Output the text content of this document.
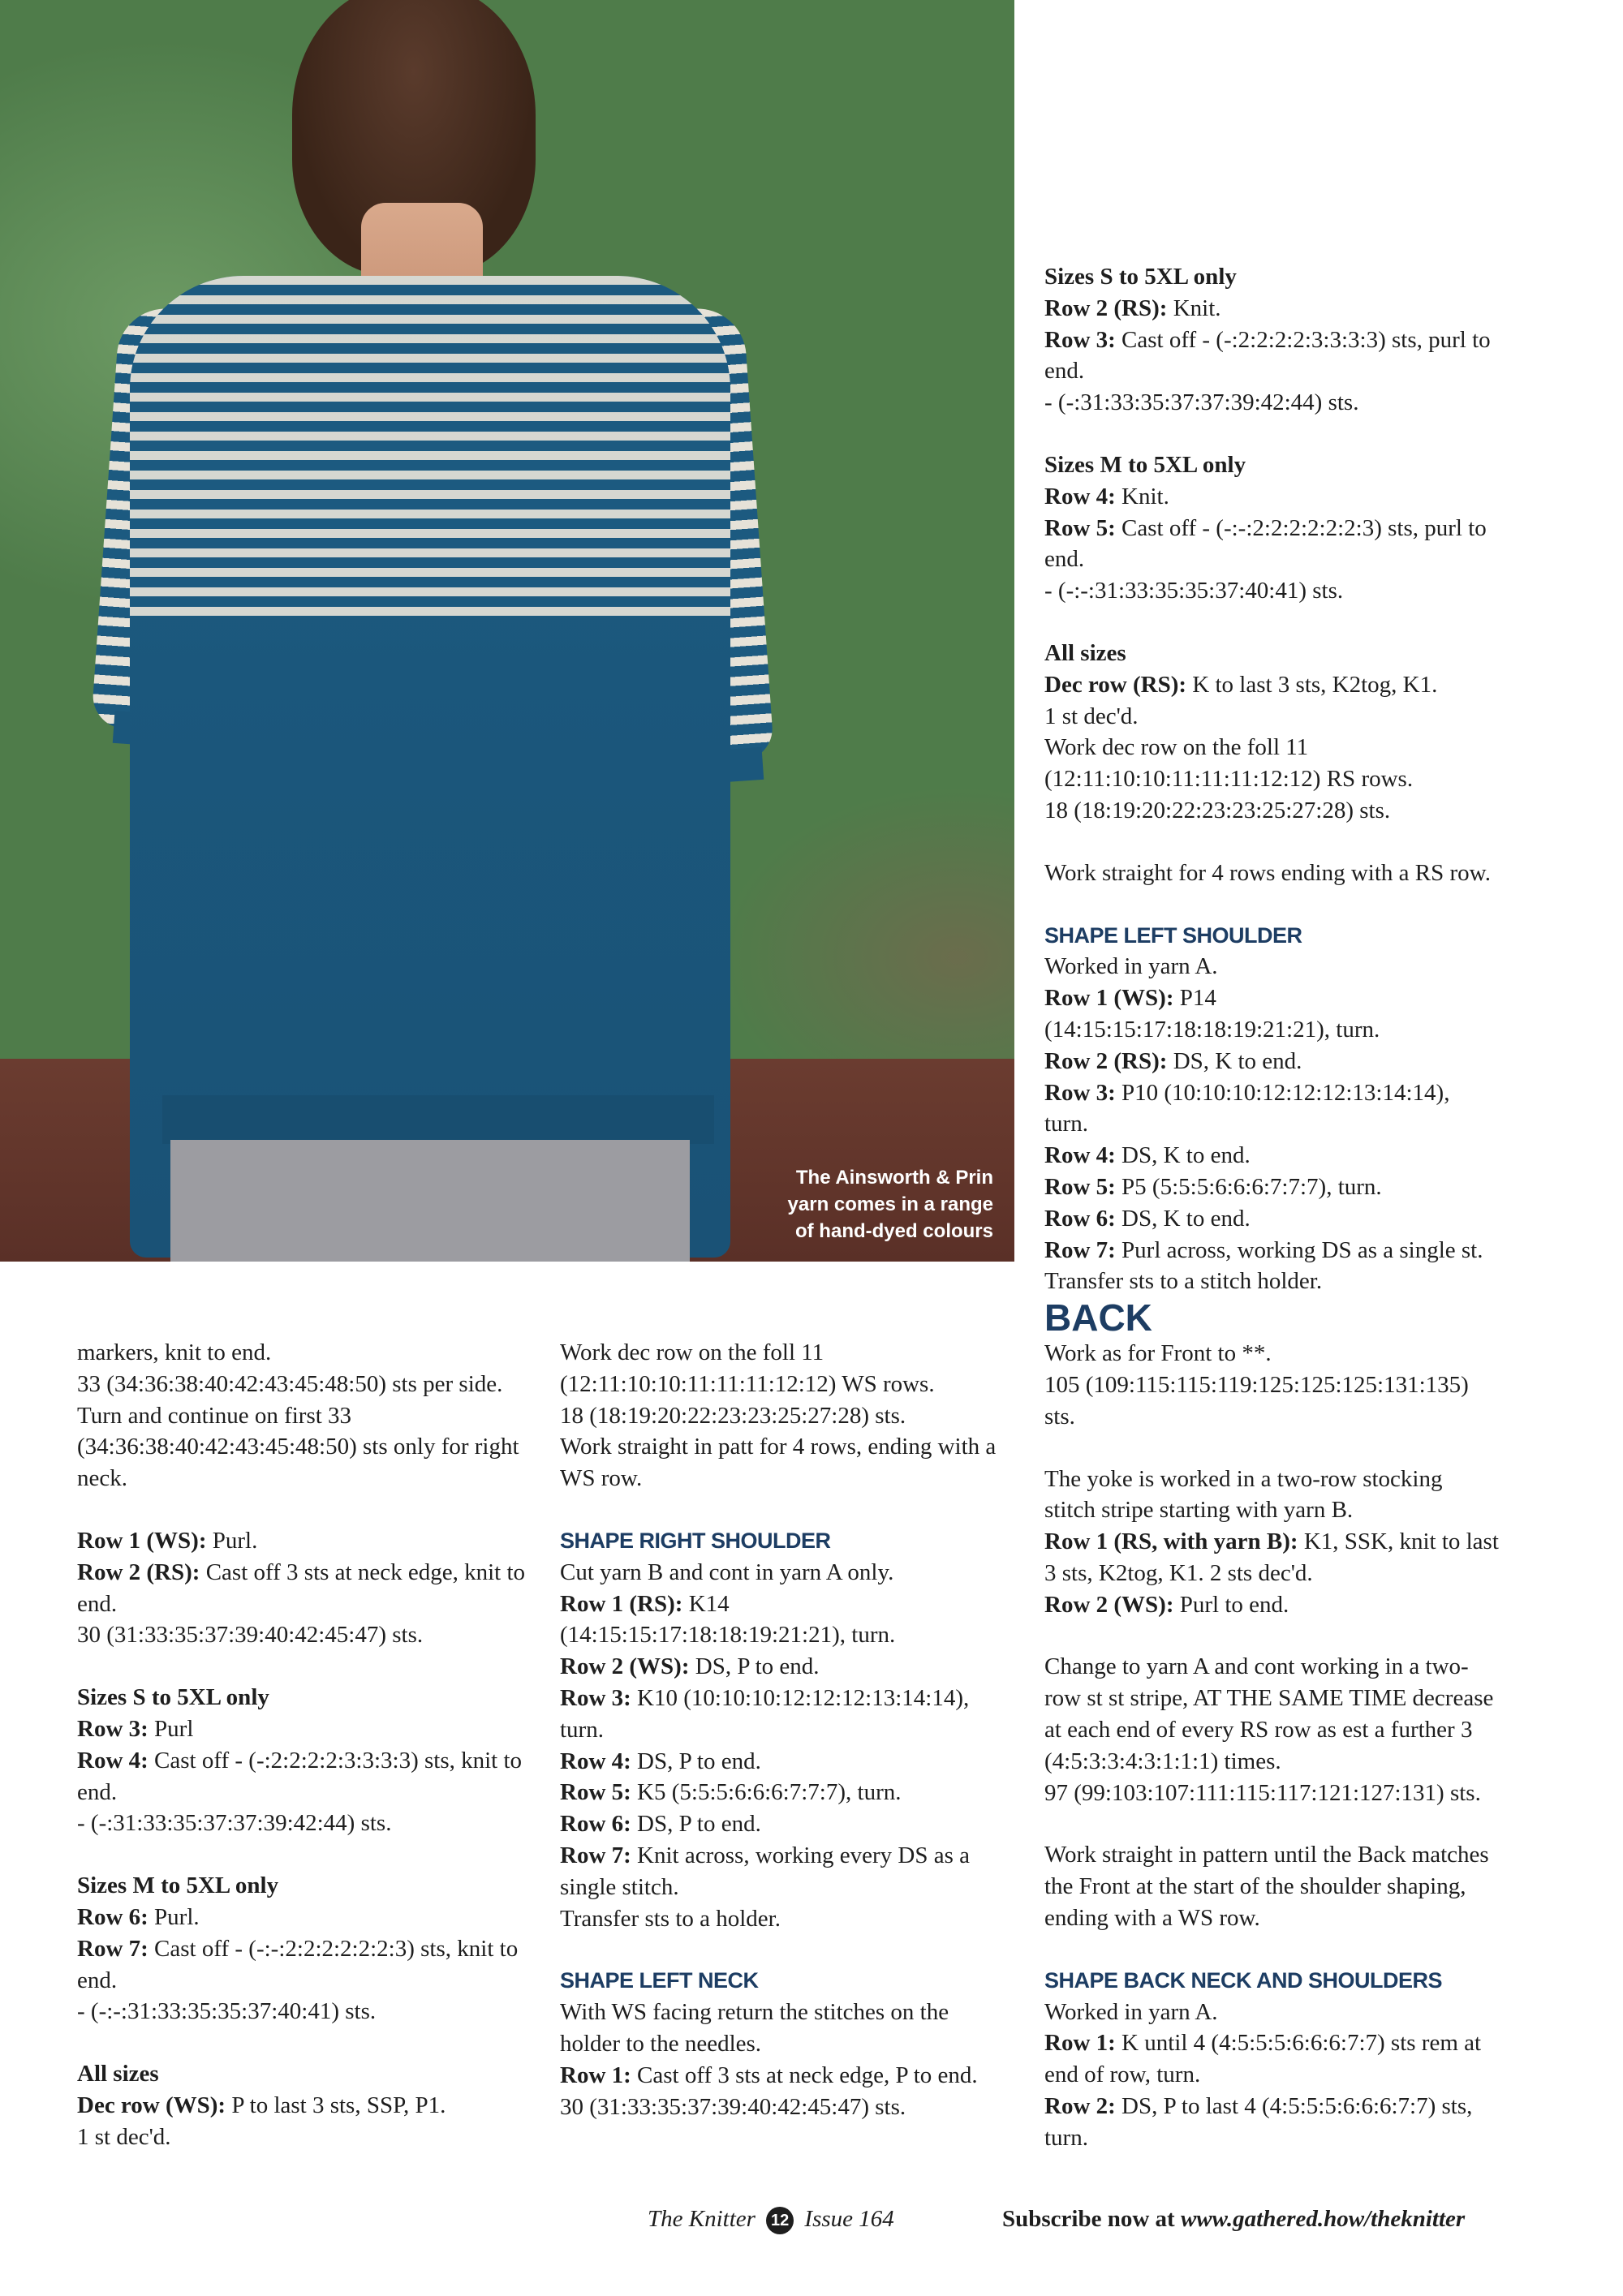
The Ainsworth & Prin
yarn comes in a range
of hand-dyed colours

markers, knit to end.

33 (34:36:38:40:42:43:45:48:50) sts per side.

Turn and continue on first 33 (34:36:38:40:42:43:45:48:50) sts only for right neck.

Row 1 (WS): Purl.

Row 2 (RS): Cast off 3 sts at neck edge, knit to end.

30 (31:33:35:37:39:40:42:45:47) sts.

Sizes S to 5XL only

Row 3: Purl

Row 4: Cast off - (-:2:2:2:2:3:3:3:3) sts, knit to end.

- (-:31:33:35:37:37:39:42:44) sts.

Sizes M to 5XL only

Row 6: Purl.

Row 7: Cast off - (-:-:2:2:2:2:2:2:3) sts, knit to end.

- (-:-:31:33:35:35:37:40:41) sts.

All sizes

Dec row (WS): P to last 3 sts, SSP, P1.

1 st dec'd.

Work dec row on the foll 11 (12:11:10:10:11:11:11:12:12) WS rows.

18 (18:19:20:22:23:23:25:27:28) sts.

Work straight in patt for 4 rows, ending with a

WS row.

SHAPE RIGHT SHOULDER

Cut yarn B and cont in yarn A only.

Row 1 (RS): K14 (14:15:15:17:18:18:19:21:21), turn.

Row 2 (WS): DS, P to end.

Row 3: K10 (10:10:10:12:12:12:13:14:14), turn.

Row 4: DS, P to end.

Row 5: K5 (5:5:5:6:6:6:7:7:7), turn.

Row 6: DS, P to end.

Row 7: Knit across, working every DS as a single stitch.

Transfer sts to a holder.

SHAPE LEFT NECK

With WS facing return the stitches on the holder to the needles.

Row 1: Cast off 3 sts at neck edge, P to end.

30 (31:33:35:37:39:40:42:45:47) sts.

Sizes S to 5XL only

Row 2 (RS): Knit.

Row 3: Cast off - (-:2:2:2:2:3:3:3:3) sts, purl to end.

- (-:31:33:35:37:37:39:42:44) sts.

Sizes M to 5XL only

Row 4: Knit.

Row 5: Cast off - (-:-:2:2:2:2:2:2:3) sts, purl to end.

- (-:-:31:33:35:35:37:40:41) sts.

All sizes

Dec row (RS): K to last 3 sts, K2tog, K1.

1 st dec'd.

Work dec row on the foll 11 (12:11:10:10:11:11:11:12:12) RS rows.

18 (18:19:20:22:23:23:25:27:28) sts.

Work straight for 4 rows ending with a RS row.

SHAPE LEFT SHOULDER

Worked in yarn A.

Row 1 (WS): P14 (14:15:15:17:18:18:19:21:21), turn.

Row 2 (RS): DS, K to end.

Row 3: P10 (10:10:10:12:12:12:13:14:14), turn.

Row 4: DS, K to end.

Row 5: P5 (5:5:5:6:6:6:7:7:7), turn.

Row 6: DS, K to end.

Row 7: Purl across, working DS as a single st.

Transfer sts to a stitch holder.

BACK

Work as for Front to **.

105 (109:115:115:119:125:125:125:131:135) sts.

The yoke is worked in a two-row stocking stitch stripe starting with yarn B.

Row 1 (RS, with yarn B): K1, SSK, knit to last 3 sts, K2tog, K1. 2 sts dec'd.

Row 2 (WS): Purl to end.

Change to yarn A and cont working in a two-row st st stripe, AT THE SAME TIME decrease at each end of every RS row as est a further 3 (4:5:3:3:4:3:1:1:1) times.

97 (99:103:107:111:115:117:121:127:131) sts.

Work straight in pattern until the Back matches the Front at the start of the shoulder shaping, ending with a WS row.

SHAPE BACK NECK AND SHOULDERS

Worked in yarn A.

Row 1: K until 4 (4:5:5:5:6:6:6:7:7) sts rem at end of row, turn.

Row 2: DS, P to last 4 (4:5:5:5:6:6:6:7:7) sts, turn.

The Knitter 12 Issue 164	Subscribe now at www.gathered.how/theknitter
